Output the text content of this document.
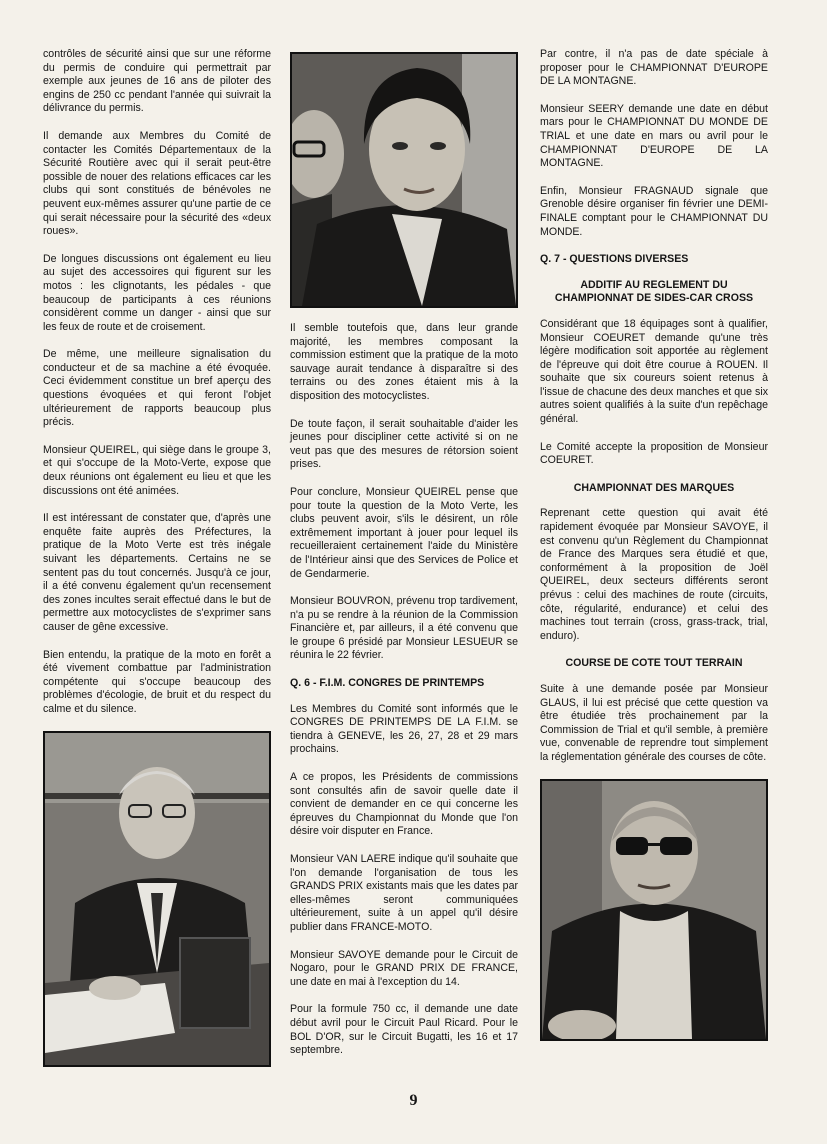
contrôles de sécurité ainsi que sur une réforme du permis de conduire qui permettrait par exemple aux jeunes de 16 ans de piloter des engins de 250 cc pendant l'année qui suivrait la délivrance du permis.

Il demande aux Membres du Comité de contacter les Comités Départementaux de la Sécurité Routière avec qui il serait peut-être possible de nouer des relations efficaces car les clubs qui sont constitués de bénévoles ne peuvent eux-mêmes assurer qu'une partie de ce qui serait nécessaire pour la sécurité des «deux roues».

De longues discussions ont également eu lieu au sujet des accessoires qui figurent sur les motos : les clignotants, les pédales - que beaucoup de participants à ces réunions considèrent comme un danger - ainsi que sur les feux de route et de croisement.

De même, une meilleure signalisation du conducteur et de sa machine a été évoquée. Ceci évidemment constitue un bref aperçu des questions évoquées et qui feront l'objet ultérieurement de rapports beaucoup plus précis.

Monsieur QUEIREL, qui siège dans le groupe 3, et qui s'occupe de la Moto-Verte, expose que deux réunions ont également eu lieu et que les discussions ont été animées.

Il est intéressant de constater que, d'après une enquête faite auprès des Préfectures, la pratique de la Moto Verte est très inégale suivant les départements. Certains ne se sentent pas du tout concernés. Jusqu'à ce jour, il a été convenu également qu'un recensement des zones incultes serait effectué dans le but de permettre aux motocyclistes de s'exprimer sans causer de gêne excessive.

Bien entendu, la pratique de la moto en forêt a été vivement combattue par l'administration compétente qui s'occupe beaucoup des problèmes d'écologie, de bruit et du respect du calme et du silence.

Il semble toutefois que, dans leur grande majorité, les membres composant la commission estiment que la pratique de la moto sauvage aurait tendance à disparaître si des terrains ou des zones étaient mis à la disposition des motocyclistes.

De toute façon, il serait souhaitable d'aider les jeunes pour discipliner cette activité si on ne veut pas que des mesures de rétorsion soient prises.

Pour conclure, Monsieur QUEIREL pense que pour toute la question de la Moto Verte, les clubs peuvent avoir, s'ils le désirent, un rôle extrêmement important à jouer pour lequel ils recueilleraient certainement l'aide du Ministère de l'Intérieur ainsi que des Services de Police et de Gendarmerie.

Monsieur BOUVRON, prévenu trop tardivement, n'a pu se rendre à la réunion de la Commission Financière et, par ailleurs, il a été convenu que le groupe 6 présidé par Monsieur LESUEUR se réunira le 22 février.

Q. 6 - F.I.M. CONGRES DE PRINTEMPS

Les Membres du Comité sont informés que le CONGRES DE PRINTEMPS DE LA F.I.M. se tiendra à GENEVE, les 26, 27, 28 et 29 mars prochains.

A ce propos, les Présidents de commissions sont consultés afin de savoir quelle date il convient de demander en ce qui concerne les épreuves du Championnat du Monde que l'on désire voir disputer en France.

Monsieur VAN LAERE indique qu'il souhaite que l'on demande l'organisation de tous les GRANDS PRIX existants mais que les dates par elles-mêmes seront communiquées ultérieurement, suite à un appel qu'il désire publier dans FRANCE-MOTO.

Monsieur SAVOYE demande pour le Circuit de Nogaro, pour le GRAND PRIX DE FRANCE, une date en mai à l'exception du 14.

Pour la formule 750 cc, il demande une date début avril pour le Circuit Paul Ricard. Pour le BOL D'OR, sur le Circuit Bugatti, les 16 et 17 septembre.

Par contre, il n'a pas de date spéciale à proposer pour le CHAMPIONNAT D'EUROPE DE LA MONTAGNE.

Monsieur SEERY demande une date en début mars pour le CHAMPIONNAT DU MONDE DE TRIAL et une date en mars ou avril pour le CHAMPIONNAT D'EUROPE DE LA MONTAGNE.

Enfin, Monsieur FRAGNAUD signale que Grenoble désire organiser fin février une DEMI-FINALE comptant pour le CHAMPIONNAT DU MONDE.

Q. 7 - QUESTIONS DIVERSES
ADDITIF AU REGLEMENT DU CHAMPIONNAT DE SIDES-CAR CROSS

Considérant que 18 équipages sont à qualifier, Monsieur COEURET demande qu'une très légère modification soit apportée au règlement de l'épreuve qui doit être courue à ROUEN. Il souhaite que six coureurs soient retenus à l'issue de chacune des deux manches et que six autres soient qualifiés à la suite d'un repêchage général.

Le Comité accepte la proposition de Monsieur COEURET.

CHAMPIONNAT DES MARQUES

Reprenant cette question qui avait été rapidement évoquée par Monsieur SAVOYE, il est convenu qu'un Règlement du Championnat de France des Marques sera étudié et que, conformément à la proposition de Joël QUEIREL, deux secteurs différents seront prévus : celui des machines de route (circuits, côte, régularité, endurance) et celui des machines tout terrain (cross, grass-track, trial, enduro).

COURSE DE COTE TOUT TERRAIN

Suite à une demande posée par Monsieur GLAUS, il lui est précisé que cette question va être étudiée très prochainement par la Commission de Trial et qu'il semble, à première vue, convenable de reprendre tout simplement la réglementation générale des courses de côte.

9
